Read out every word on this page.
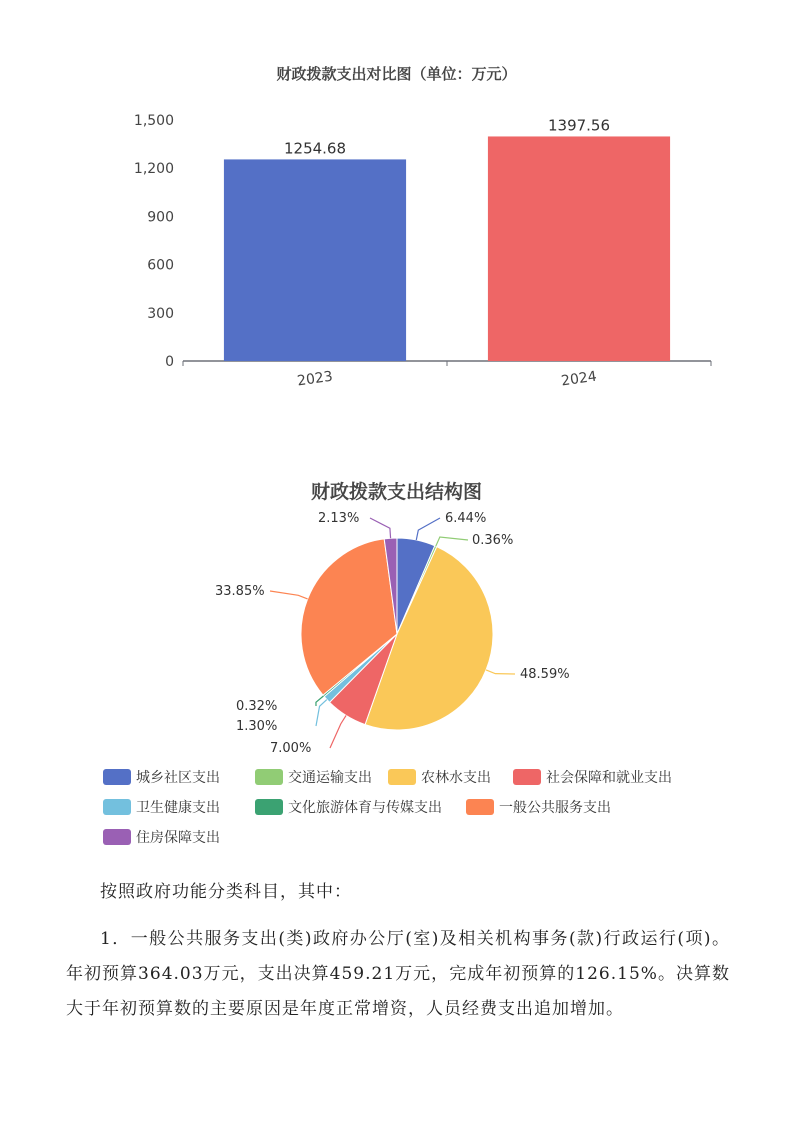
财政拨款支出对比图（单位：万元）
0
300
600
900
1,200
1,500
1254.68
2023
1397.56
2024
财政拨款支出结构图
6.44%
0.36%
48.59%
7.00%
1.30%
0.32%
33.85%
2.13%
城乡社区支出	交通运输支出	农林水支出	社会保障和就业支出
卫生健康支出	文化旅游体育与传媒支出	一般公共服务支出
住房保障支出
按照政府功能分类科目，其中：
1．一般公共服务支出(类)政府办公厅(室)及相关机构事务(款)行政运行(项)。年初预算364.03万元，支出决算459.21万元，完成年初预算的126.15%。决算数大于年初预算数的主要原因是年度正常增资，人员经费支出追加增加。
